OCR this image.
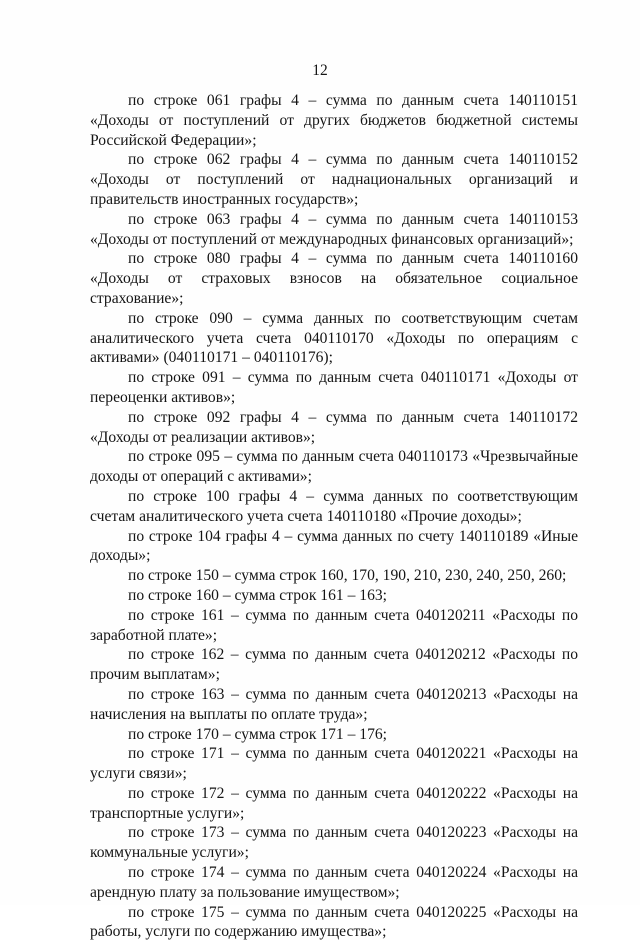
12

по строке 061 графы 4 – сумма по данным счета 140110151 «Доходы от поступлений от других бюджетов бюджетной системы Российской Федерации»;

по строке 062 графы 4 – сумма по данным счета 140110152 «Доходы от поступлений от наднациональных организаций и правительств иностранных государств»;

по строке 063 графы 4 – сумма по данным счета 140110153 «Доходы от поступлений от международных финансовых организаций»;

по строке 080 графы 4 – сумма по данным счета 140110160 «Доходы от страховых взносов на обязательное социальное страхование»;

по строке 090 – сумма данных по соответствующим счетам аналитического учета счета 040110170 «Доходы по операциям с активами» (040110171 – 040110176);

по строке 091 – сумма по данным счета 040110171 «Доходы от переоценки активов»;

по строке 092 графы 4 – сумма по данным счета 140110172 «Доходы от реализации активов»;

по строке 095 – сумма по данным счета 040110173 «Чрезвычайные доходы от операций с активами»;

по строке 100 графы 4 – сумма данных по соответствующим счетам аналитического учета счета 140110180 «Прочие доходы»;

по строке 104 графы 4 – сумма данных по счету 140110189 «Иные доходы»;

по строке 150 – сумма строк 160, 170, 190, 210, 230, 240, 250, 260;

по строке 160 – сумма строк 161 – 163;

по строке 161 – сумма по данным счета 040120211 «Расходы по заработной плате»;

по строке 162 – сумма по данным счета 040120212 «Расходы по прочим выплатам»;

по строке 163 – сумма по данным счета 040120213 «Расходы на начисления на выплаты по оплате труда»;

по строке 170 – сумма строк 171 – 176;

по строке 171 – сумма по данным счета 040120221 «Расходы на услуги связи»;

по строке 172 – сумма по данным счета 040120222 «Расходы на транспортные услуги»;

по строке 173 – сумма по данным счета 040120223 «Расходы на коммунальные услуги»;

по строке 174 – сумма по данным счета 040120224 «Расходы на арендную плату за пользование имуществом»;

по строке 175 – сумма по данным счета 040120225 «Расходы на работы, услуги по содержанию имущества»;
